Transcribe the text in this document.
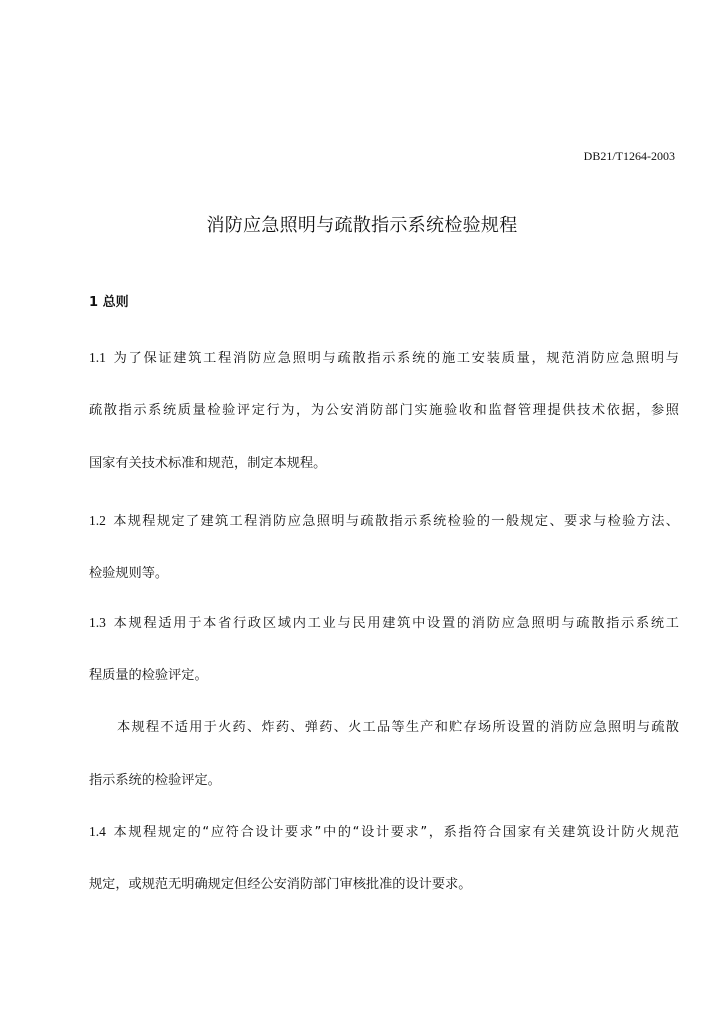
DB21/T1264-2003
消防应急照明与疏散指示系统检验规程
1 总则
1.1 为了保证建筑工程消防应急照明与疏散指示系统的施工安装质量，规范消防应急照明与
疏散指示系统质量检验评定行为，为公安消防部门实施验收和监督管理提供技术依据，参照
国家有关技术标准和规范，制定本规程。
1.2 本规程规定了建筑工程消防应急照明与疏散指示系统检验的一般规定、要求与检验方法、
检验规则等。
1.3 本规程适用于本省行政区域内工业与民用建筑中设置的消防应急照明与疏散指示系统工
程质量的检验评定。
本规程不适用于火药、炸药、弹药、火工品等生产和贮存场所设置的消防应急照明与疏散
指示系统的检验评定。
1.4 本规程规定的“应符合设计要求”中的“设计要求”，系指符合国家有关建筑设计防火规范
规定，或规范无明确规定但经公安消防部门审核批准的设计要求。
